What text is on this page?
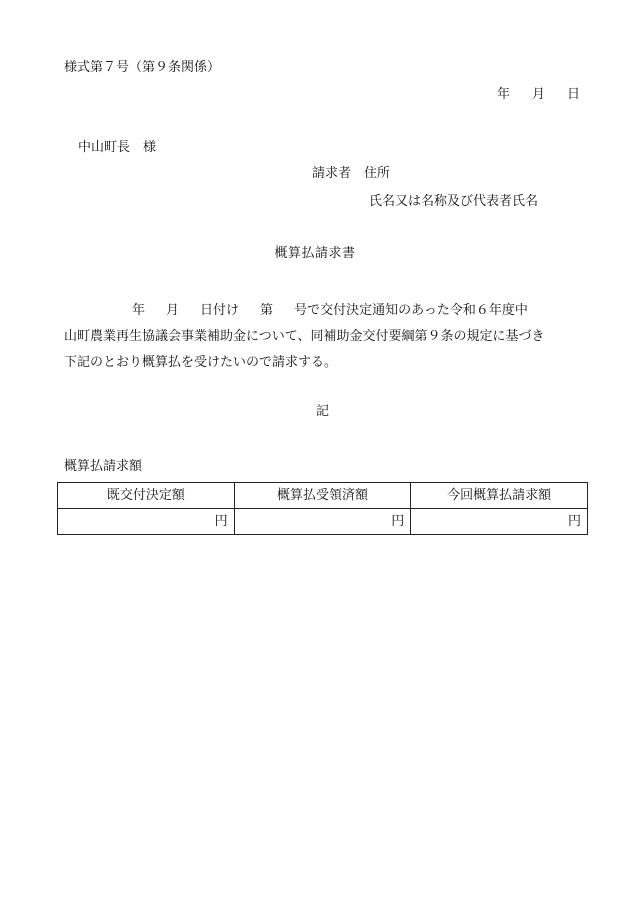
様式第７号（第９条関係）
年 月 日
中山町長 様
請求者 住所
氏名又は名称及び代表者氏名
概算払請求書
年 月 日付け 第 号で交付決定通知のあった令和６年度中
山町農業再生協議会事業補助金について、同補助金交付要綱第９条の規定に基づき
下記のとおり概算払を受けたいので請求する。
記
概算払請求額
既交付決定額	概算払受領済額	今回概算払請求額
円	円	円
